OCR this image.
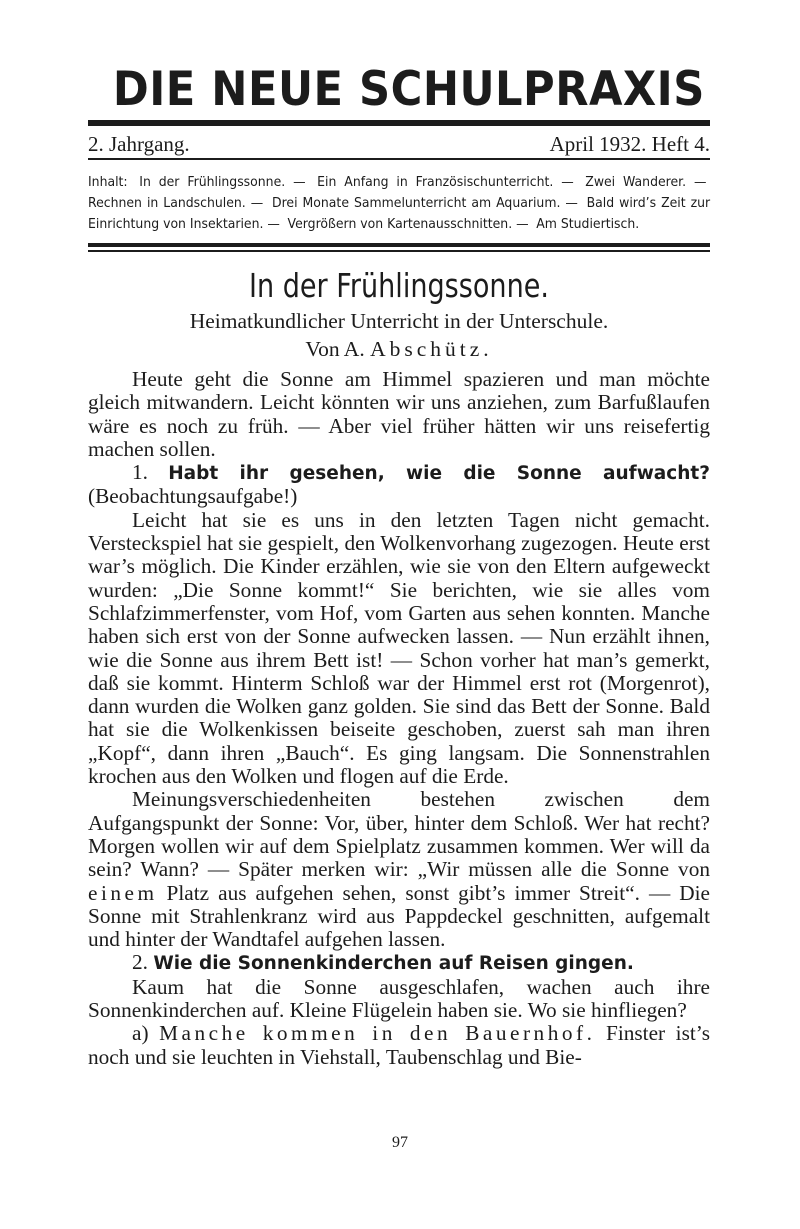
DIE NEUE SCHULPRAXIS
2. Jahrgang.	April 1932. Heft 4.
Inhalt: In der Frühlingssonne. — Ein Anfang in Französischunterricht. — Zwei Wanderer. — Rechnen in Landschulen. — Drei Monate Sammelunterricht am Aquarium. — Bald wird’s Zeit zur Einrichtung von Insektarien. — Vergrößern von Kartenausschnitten. — Am Studiertisch.
In der Frühlingssonne.
Heimatkundlicher Unterricht in der Unterschule.
Von A. Abschütz.

Heute geht die Sonne am Himmel spazieren und man möchte gleich mitwandern. Leicht könnten wir uns anziehen, zum Barfußlaufen wäre es noch zu früh. — Aber viel früher hätten wir uns reisefertig machen sollen.

1. Habt ihr gesehen, wie die Sonne aufwacht? (Beobachtungsaufgabe!)

Leicht hat sie es uns in den letzten Tagen nicht gemacht. Versteckspiel hat sie gespielt, den Wolkenvorhang zugezogen. Heute erst war’s möglich. Die Kinder erzählen, wie sie von den Eltern aufgeweckt wurden: „Die Sonne kommt!“ Sie berichten, wie sie alles vom Schlafzimmerfenster, vom Hof, vom Garten aus sehen konnten. Manche haben sich erst von der Sonne aufwecken lassen. — Nun erzählt ihnen, wie die Sonne aus ihrem Bett ist! — Schon vorher hat man’s gemerkt, daß sie kommt. Hinterm Schloß war der Himmel erst rot (Morgenrot), dann wurden die Wolken ganz golden. Sie sind das Bett der Sonne. Bald hat sie die Wolkenkissen beiseite geschoben, zuerst sah man ihren „Kopf“, dann ihren „Bauch“. Es ging langsam. Die Sonnenstrahlen krochen aus den Wolken und flogen auf die Erde.

Meinungsverschiedenheiten bestehen zwischen dem Aufgangspunkt der Sonne: Vor, über, hinter dem Schloß. Wer hat recht? Morgen wollen wir auf dem Spielplatz zusammen kommen. Wer will da sein? Wann? — Später merken wir: „Wir müssen alle die Sonne von einem Platz aus aufgehen sehen, sonst gibt’s immer Streit“. — Die Sonne mit Strahlenkranz wird aus Pappdeckel geschnitten, aufgemalt und hinter der Wandtafel aufgehen lassen.

2. Wie die Sonnenkinderchen auf Reisen gingen.

Kaum hat die Sonne ausgeschlafen, wachen auch ihre Sonnenkinderchen auf. Kleine Flügelein haben sie. Wo sie hinfliegen?

a) Manche kommen in den Bauernhof. Finster ist’s noch und sie leuchten in Viehstall, Taubenschlag und Bie-

97
